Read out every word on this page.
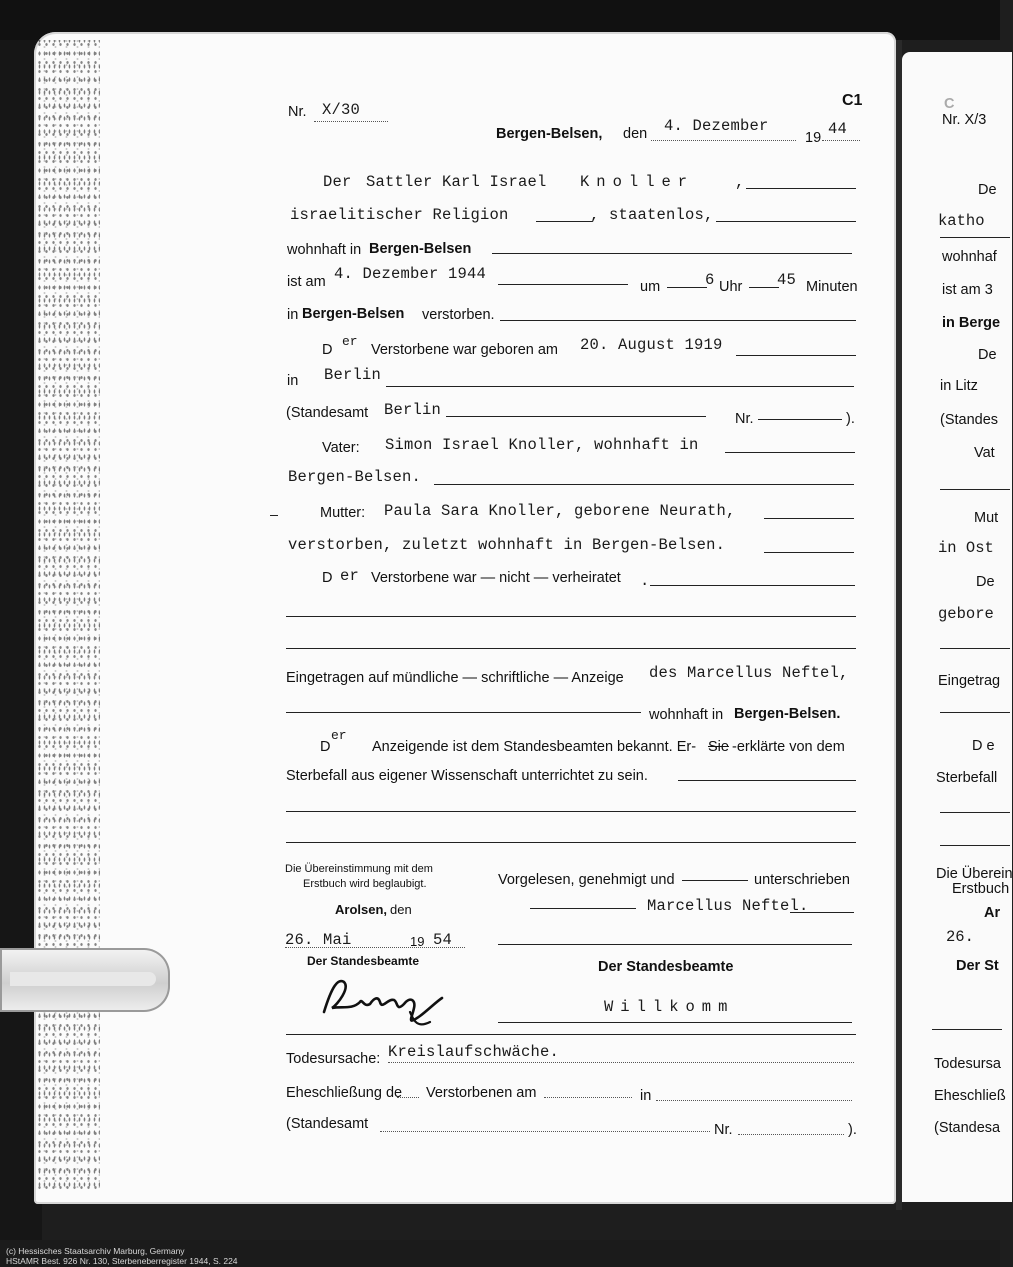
Nr. X/3
C
De
katho
wohnhaf
ist am 3
in Berge
De
in Litz
(Standes
Vat
Mut
in Ost
De
gebore
Eingetrag
D e
Sterbefall
Die Überein
Erstbuch
Ar
26.
Der St
Todesursa
Eheschließ
(Standesa
Nr. X/30
C1
Bergen-Belsen, den 4. Dezember
19 44
Der Sattler Karl Israel Knoller	,
israelitischer Religion	, staatenlos,
wohnhaft in Bergen-Belsen
ist am 4. Dezember 1944
um	6 Uhr 45 Minuten
in Bergen-Belsen verstorben.
D
er
Verstorbene war geboren am 20. August 1919
in Berlin
(Standesamt Berlin	Nr.	).
Vater: Simon Israel Knoller, wohnhaft in
Bergen-Belsen.
Mutter: Paula Sara Knoller, geborene Neurath,
verstorben, zuletzt wohnhaft in Bergen-Belsen.
D er Verstorbene war — nicht — verheiratet .
Eingetragen auf mündliche — schriftliche — Anzeige des Marcellus Neftel,
wohnhaft in Bergen-Belsen.
D
er
Anzeigende ist dem Standesbeamten bekannt. Er- Sie -erklärte von dem
Sterbefall aus eigener Wissenschaft unterrichtet zu sein.
Die Übereinstimmung mit dem
Erstbuch wird beglaubigt.
Arolsen, den
26. Mai	19 54
Der Standesbeamte
Vorgelesen, genehmigt und	unterschrieben
Marcellus Neftel.
Der Standesbeamte
Willkomm
Todesursache: Kreislaufschwäche.
Eheschließung de Verstorbenen am	in
(Standesamt	Nr.	).
(c) Hessisches Staatsarchiv Marburg, Germany
HStAMR Best. 926 Nr. 130, Sterbeneberregister 1944, S. 224
